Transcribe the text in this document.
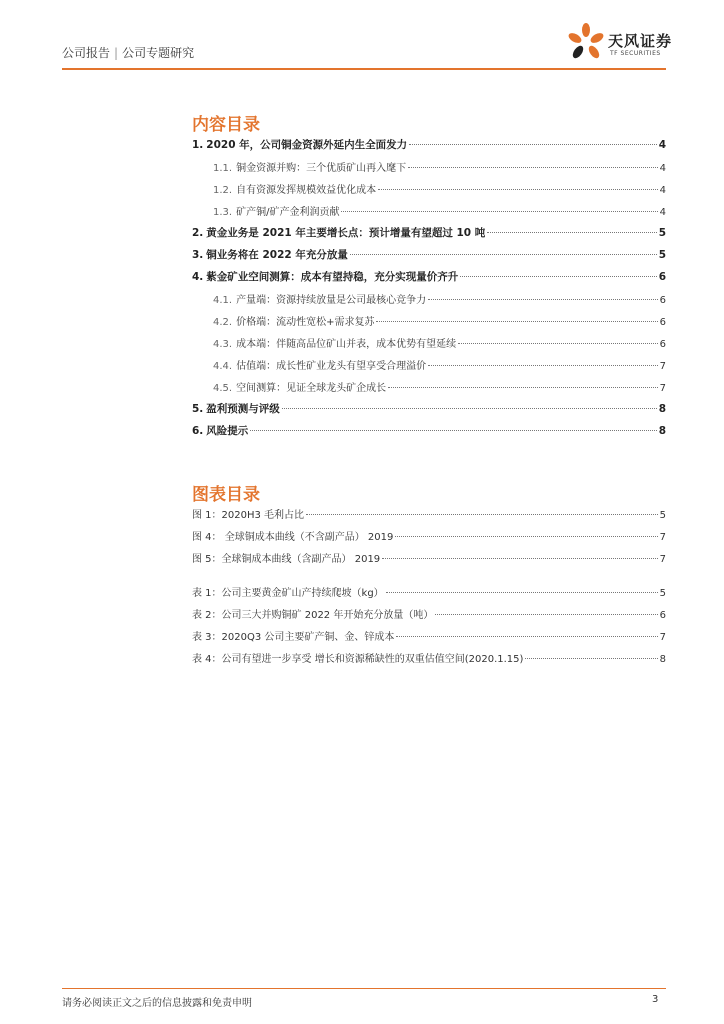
公司报告 | 公司专题研究
天风证券
TF SECURITIES
内容目录
1. 2020 年，公司铜金资源外延内生全面发力	4
1.1. 铜金资源并购：三个优质矿山再入麾下	4
1.2. 自有资源发挥规模效益优化成本	4
1.3. 矿产铜/矿产金利润贡献	4
2. 黄金业务是 2021 年主要增长点：预计增量有望超过 10 吨	5
3. 铜业务将在 2022 年充分放量	5
4. 紫金矿业空间测算：成本有望持稳，充分实现量价齐升	6
4.1. 产量端：资源持续放量是公司最核心竞争力	6
4.2. 价格端：流动性宽松+需求复苏	6
4.3. 成本端：伴随高品位矿山并表，成本优势有望延续	6
4.4. 估值端：成长性矿业龙头有望享受合理溢价	7
4.5. 空间测算：见证全球龙头矿企成长	7
5. 盈利预测与评级	8
6. 风险提示	8
图表目录
图 1：2020H3 毛利占比	5
图 4： 全球铜成本曲线（不含副产品） 2019	7
图 5：全球铜成本曲线（含副产品） 2019	7
表 1：公司主要黄金矿山产持续爬坡（kg）	5
表 2：公司三大并购铜矿 2022 年开始充分放量（吨）	6
表 3：2020Q3 公司主要矿产铜、金、锌成本	7
表 4：公司有望进一步享受 增长和资源稀缺性的双重估值空间(2020.1.15)	8
请务必阅读正文之后的信息披露和免责申明	3
